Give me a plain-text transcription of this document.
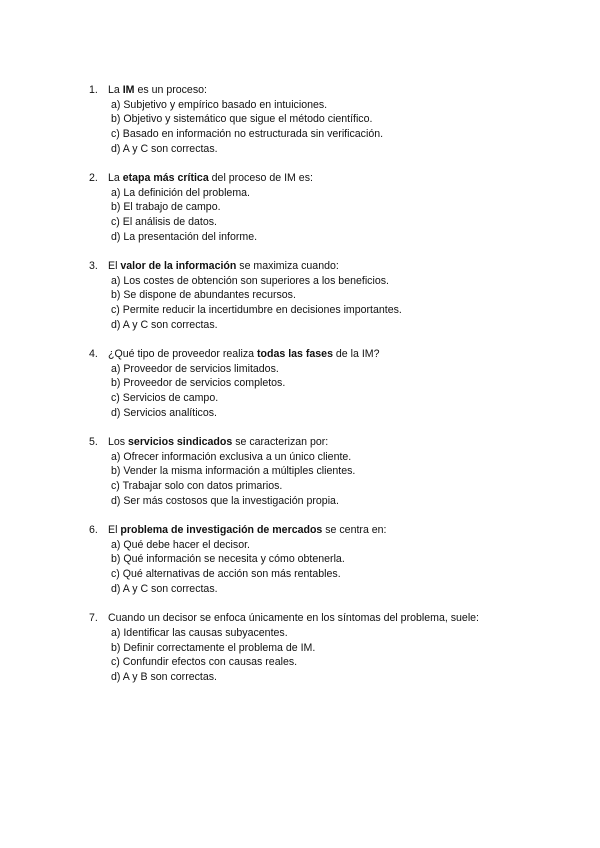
1. La IM es un proceso:
a) Subjetivo y empírico basado en intuiciones.
b) Objetivo y sistemático que sigue el método científico.
c) Basado en información no estructurada sin verificación.
d) A y C son correctas.
2. La etapa más crítica del proceso de IM es:
a) La definición del problema.
b) El trabajo de campo.
c) El análisis de datos.
d) La presentación del informe.
3. El valor de la información se maximiza cuando:
a) Los costes de obtención son superiores a los beneficios.
b) Se dispone de abundantes recursos.
c) Permite reducir la incertidumbre en decisiones importantes.
d) A y C son correctas.
4. ¿Qué tipo de proveedor realiza todas las fases de la IM?
a) Proveedor de servicios limitados.
b) Proveedor de servicios completos.
c) Servicios de campo.
d) Servicios analíticos.
5. Los servicios sindicados se caracterizan por:
a) Ofrecer información exclusiva a un único cliente.
b) Vender la misma información a múltiples clientes.
c) Trabajar solo con datos primarios.
d) Ser más costosos que la investigación propia.
6. El problema de investigación de mercados se centra en:
a) Qué debe hacer el decisor.
b) Qué información se necesita y cómo obtenerla.
c) Qué alternativas de acción son más rentables.
d) A y C son correctas.
7. Cuando un decisor se enfoca únicamente en los síntomas del problema, suele:
a) Identificar las causas subyacentes.
b) Definir correctamente el problema de IM.
c) Confundir efectos con causas reales.
d) A y B son correctas.
